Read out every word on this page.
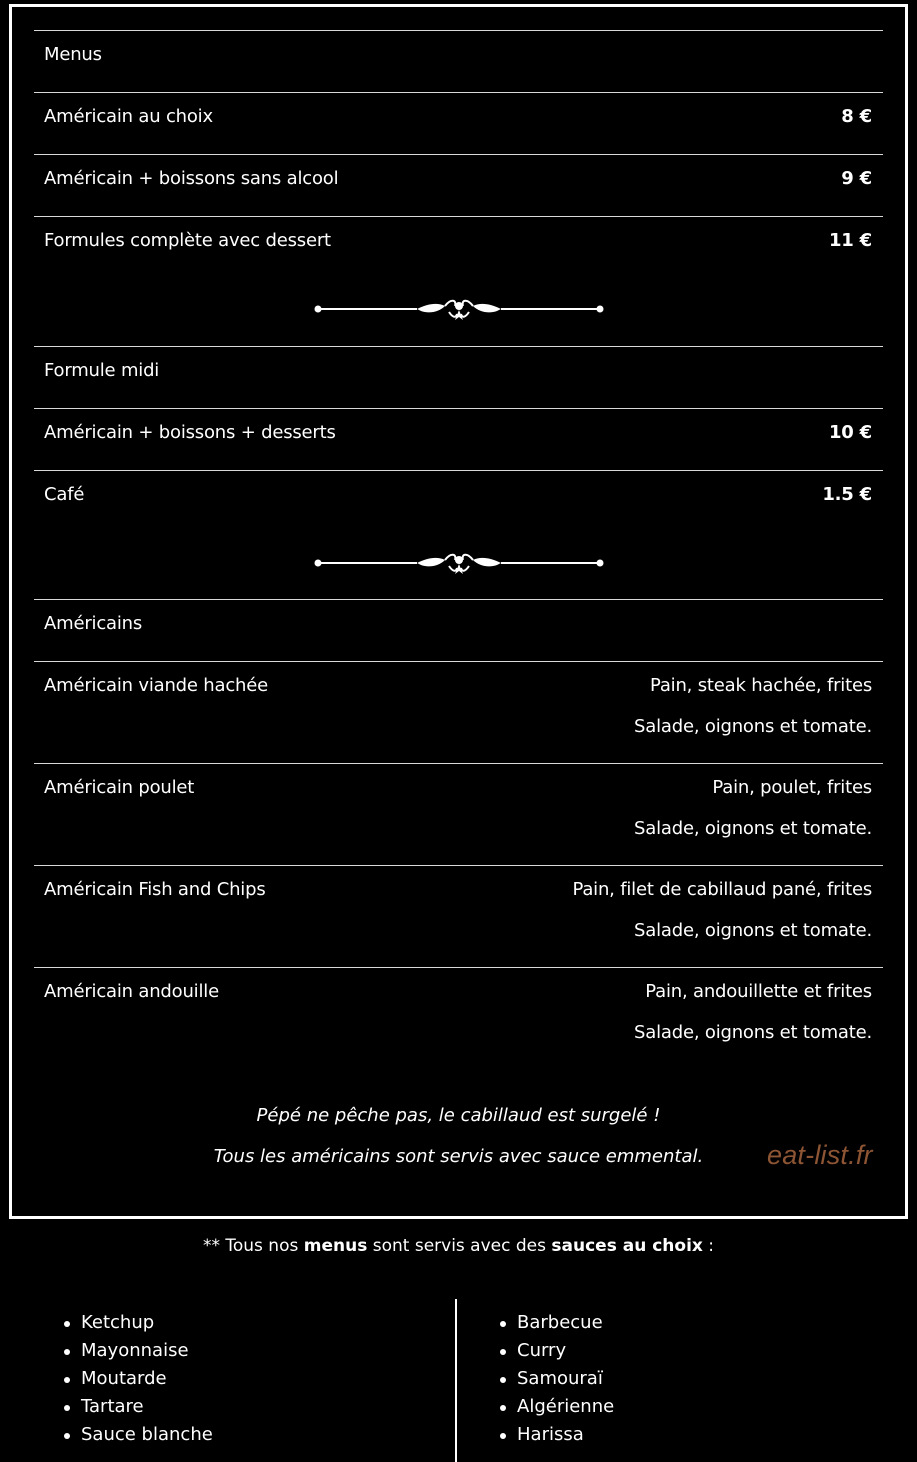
Menus
Américain au choix	8 €
Américain + boissons sans alcool	9 €
Formules complète avec dessert	11 €
Formule midi
Américain + boissons + desserts	10 €
Café	1.5 €
Américains
Américain viande hachée	Pain, steak hachée, frites
Salade, oignons et tomate.
Américain poulet	Pain, poulet, frites
Salade, oignons et tomate.
Américain Fish and Chips	Pain, filet de cabillaud pané, frites
Salade, oignons et tomate.
Américain andouille	Pain, andouillette et frites
Salade, oignons et tomate.
Pépé ne pêche pas, le cabillaud est surgelé !
Tous les américains sont servis avec sauce emmental.	eat-list.fr
** Tous nos menus sont servis avec des sauces au choix :
Ketchup
Mayonnaise
Moutarde
Tartare
Sauce blanche
Barbecue
Curry
Samouraï
Algérienne
Harissa
